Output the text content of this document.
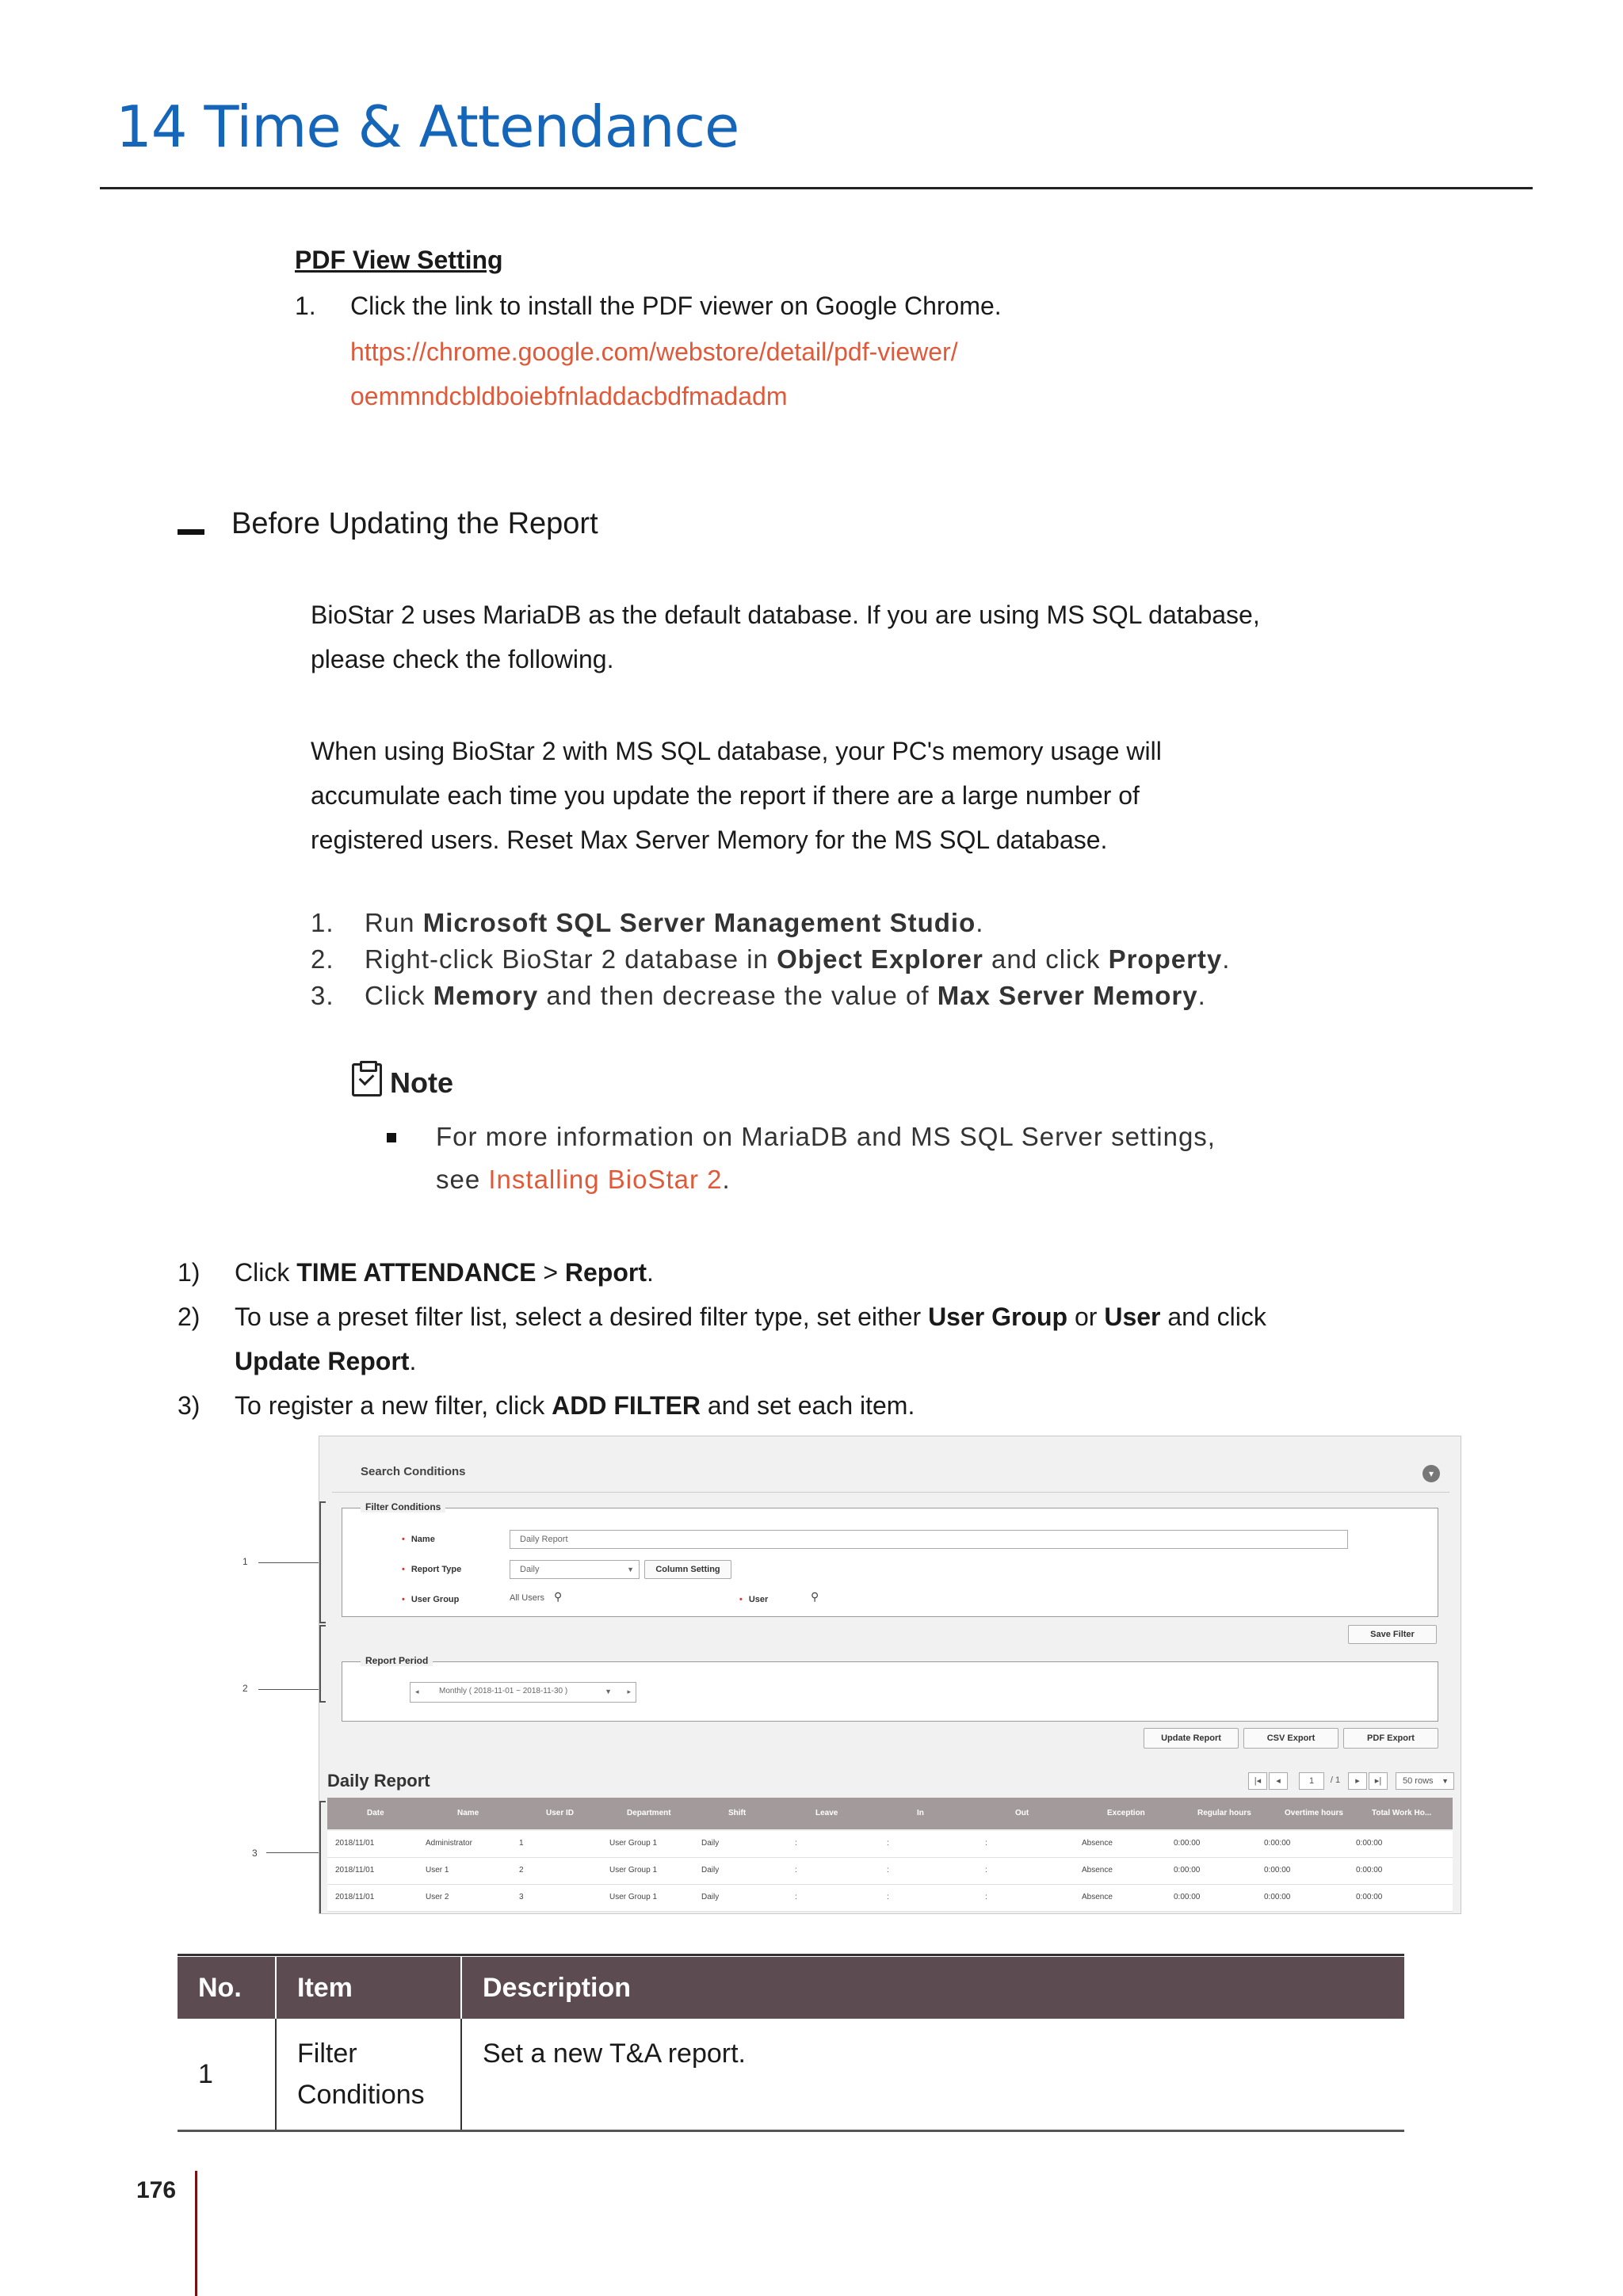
14 Time & Attendance
PDF View Setting
1. Click the link to install the PDF viewer on Google Chrome.
https://chrome.google.com/webstore/detail/pdf-viewer/
oemmndcbldboiebfnladdacbdfmadadm
Before Updating the Report
BioStar 2 uses MariaDB as the default database. If you are using MS SQL database,
please check the following.
When using BioStar 2 with MS SQL database, your PC's memory usage will
accumulate each time you update the report if there are a large number of
registered users. Reset Max Server Memory for the MS SQL database.
1. Run Microsoft SQL Server Management Studio.
2. Right-click BioStar 2 database in Object Explorer and click Property.
3. Click Memory and then decrease the value of Max Server Memory.
Note
For more information on MariaDB and MS SQL Server settings,
see Installing BioStar 2.
1) Click TIME ATTENDANCE > Report.
2) To use a preset filter list, select a desired filter type, set either User Group or User and click
Update Report.
3) To register a new filter, click ADD FILTER and set each item.
1
2
3
Search Conditions	▾
Filter Conditions
• Name	Daily Report
• Report Type	Daily	▼	Column Setting
• User Group	All Users ⚲	• User	⚲
Save Filter
Report Period
◂	Monthly ( 2018-11-01 ~ 2018-11-30 )	▼ ▸
Update Report	CSV Export	PDF Export
Daily Report	|◂	◂	1	/ 1	▸	▸|	50 rows ▼
Date	Name	User ID	Department	Shift	Leave	In	Out	Exception	Regular hours	Overtime hours	Total Work Ho...
2018/11/01	Administrator	1	User Group 1	Daily	:	:	:	Absence	0:00:00	0:00:00	0:00:00
2018/11/01	User 1	2	User Group 1	Daily	:	:	:	Absence	0:00:00	0:00:00	0:00:00
2018/11/01	User 2	3	User Group 1	Daily	:	:	:	Absence	0:00:00	0:00:00	0:00:00
No.	Item	Description
1	Filter
Conditions	Set a new T&A report.
176
